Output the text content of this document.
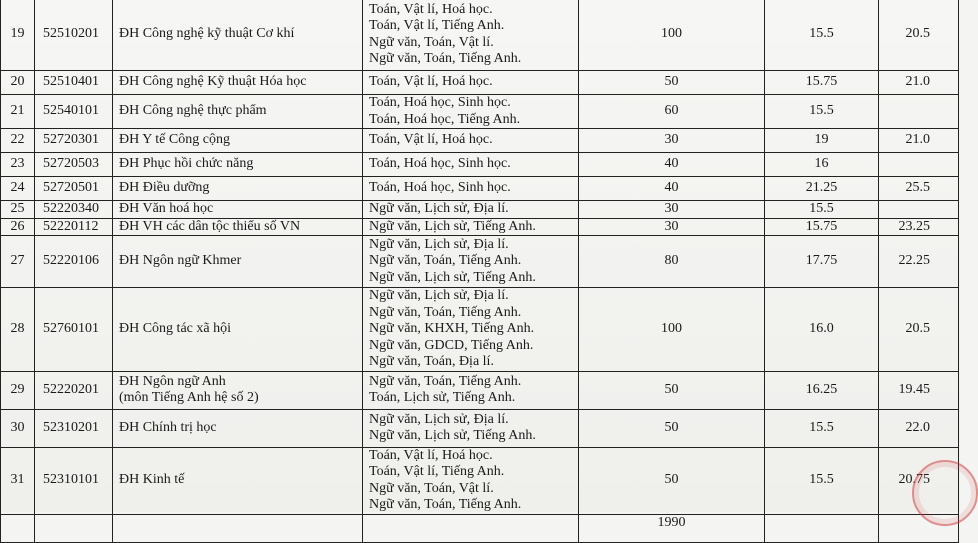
19	52510201	ĐH Công nghệ kỹ thuật Cơ khí	Toán, Vật lí, Hoá học.
Toán, Vật lí, Tiếng Anh.
Ngữ văn, Toán, Vật lí.
Ngữ văn, Toán, Tiếng Anh.	100	15.5	20.5
20	52510401	ĐH Công nghệ Kỹ thuật Hóa học	Toán, Vật lí, Hoá học.	50	15.75	21.0
21	52540101	ĐH Công nghệ thực phẩm	Toán, Hoá học, Sinh học.
Toán, Hoá học, Tiếng Anh.	60	15.5	
22	52720301	ĐH Y tế Công cộng	Toán, Vật lí, Hoá học.	30	19	21.0
23	52720503	ĐH Phục hồi chức năng	Toán, Hoá học, Sinh học.	40	16	
24	52720501	ĐH Điều dưỡng	Toán, Hoá học, Sinh học.	40	21.25	25.5
25	52220340	ĐH Văn hoá học	Ngữ văn, Lịch sử, Địa lí.	30	15.5	
26	52220112	ĐH VH các dân tộc thiểu số VN	Ngữ văn, Lịch sử, Tiếng Anh.	30	15.75	23.25
27	52220106	ĐH Ngôn ngữ Khmer	Ngữ văn, Lịch sử, Địa lí.
Ngữ văn, Toán, Tiếng Anh.
Ngữ văn, Lịch sử, Tiếng Anh.	80	17.75	22.25
28	52760101	ĐH Công tác xã hội	Ngữ văn, Lịch sử, Địa lí.
Ngữ văn, Toán, Tiếng Anh.
Ngữ văn, KHXH, Tiếng Anh.
Ngữ văn, GDCD, Tiếng Anh.
Ngữ văn, Toán, Địa lí.	100	16.0	20.5
29	52220201	ĐH Ngôn ngữ Anh
(môn Tiếng Anh hệ số 2)	Ngữ văn, Toán, Tiếng Anh.
Toán, Lịch sử, Tiếng Anh.	50	16.25	19.45
30	52310201	ĐH Chính trị học	Ngữ văn, Lịch sử, Địa lí.
Ngữ văn, Lịch sử, Tiếng Anh.	50	15.5	22.0
31	52310101	ĐH Kinh tế	Toán, Vật lí, Hoá học.
Toán, Vật lí, Tiếng Anh.
Ngữ văn, Toán, Vật lí.
Ngữ văn, Toán, Tiếng Anh.	50	15.5	20.75
				1990		
